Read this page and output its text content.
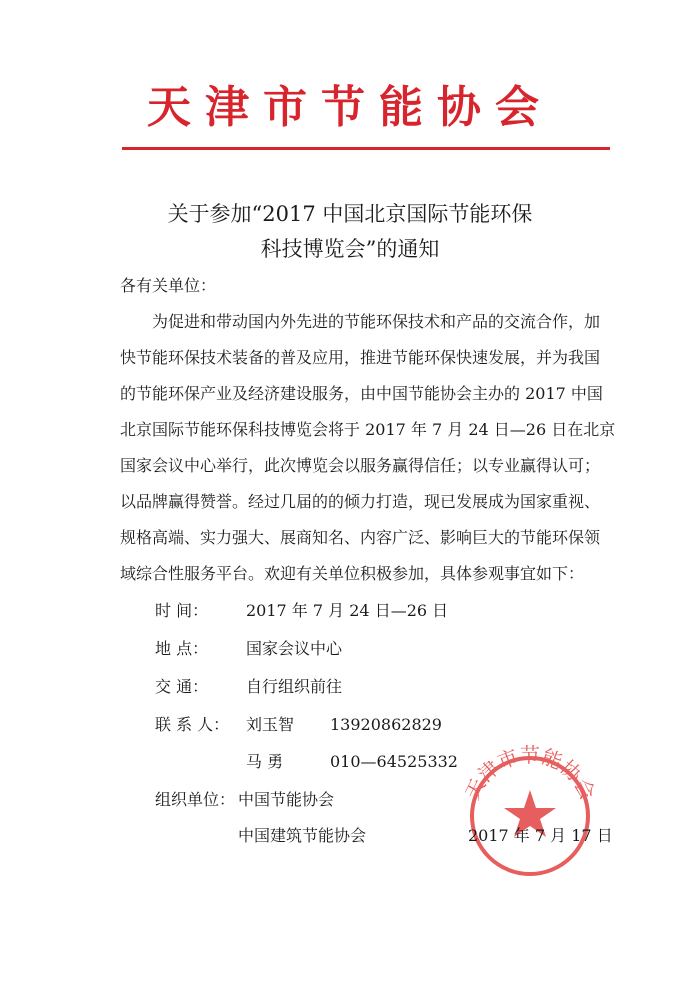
天津市节能协会
关于参加“2017 中国北京国际节能环保
科技博览会”的通知
各有关单位：
为促进和带动国内外先进的节能环保技术和产品的交流合作，加
快节能环保技术装备的普及应用，推进节能环保快速发展，并为我国
的节能环保产业及经济建设服务，由中国节能协会主办的 2017 中国
北京国际节能环保科技博览会将于 2017 年 7 月 24 日—26 日在北京
国家会议中心举行，此次博览会以服务赢得信任；以专业赢得认可；
以品牌赢得赞誉。经过几届的的倾力打造，现已发展成为国家重视、
规格高端、实力强大、展商知名、内容广泛、影响巨大的节能环保领
域综合性服务平台。欢迎有关单位积极参加，具体参观事宜如下：
时 间： 2017 年 7 月 24 日—26 日
地 点： 国家会议中心
交 通： 自行组织前往
联 系 人： 刘玉智 13920862829
马 勇	010—64525332
组织单位： 中国节能协会
中国建筑节能协会
天津市节能协会
2017 年 7 月 17 日
